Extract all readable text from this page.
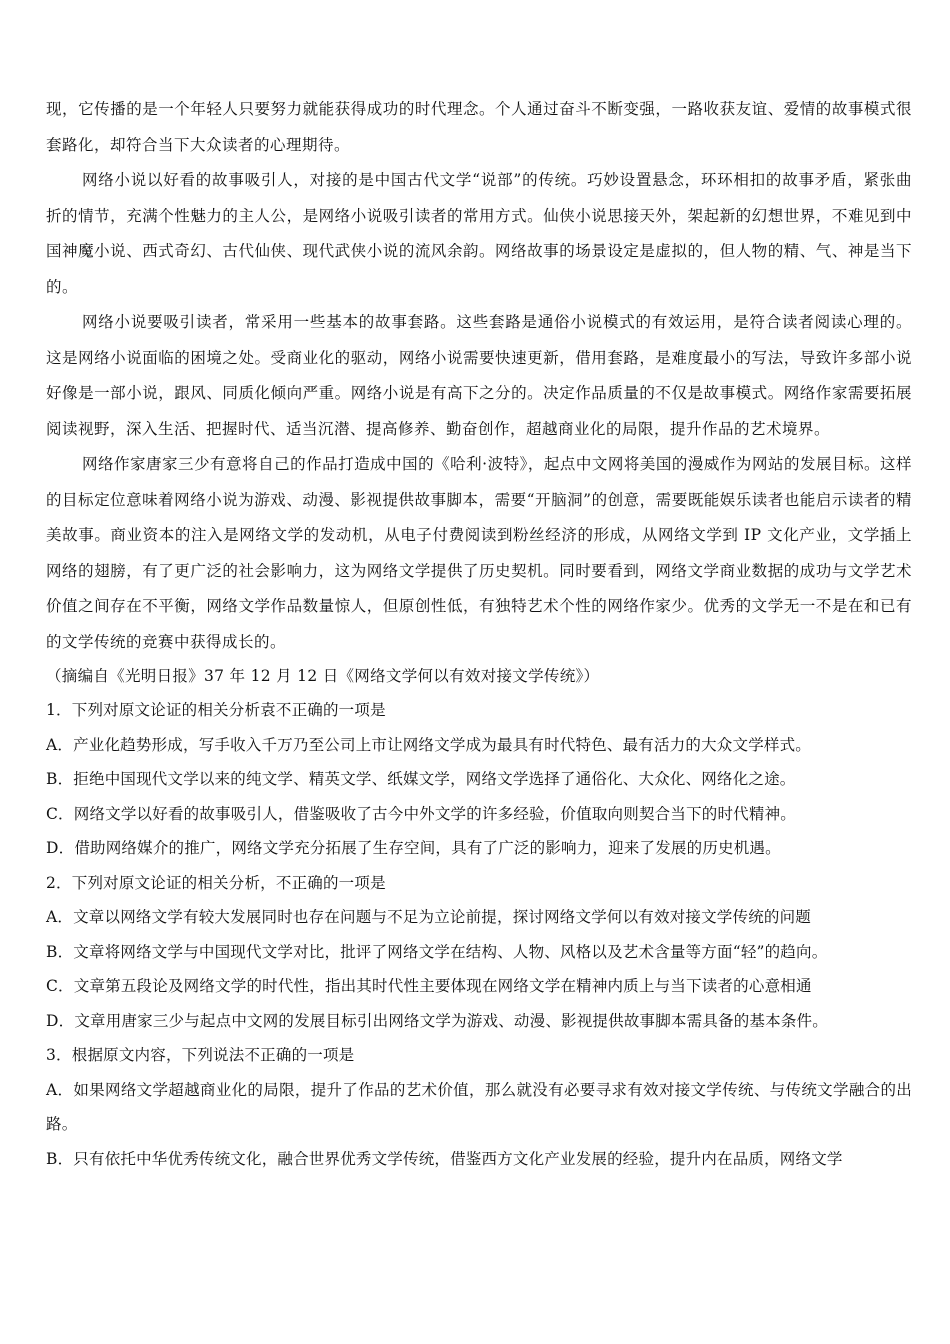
现，它传播的是一个年轻人只要努力就能获得成功的时代理念。个人通过奋斗不断变强，一路收获友谊、爱情的故事模式很套路化，却符合当下大众读者的心理期待。

网络小说以好看的故事吸引人，对接的是中国古代文学“说部”的传统。巧妙设置悬念，环环相扣的故事矛盾，紧张曲折的情节，充满个性魅力的主人公，是网络小说吸引读者的常用方式。仙侠小说思接天外，架起新的幻想世界，不难见到中国神魔小说、西式奇幻、古代仙侠、现代武侠小说的流风余韵。网络故事的场景设定是虚拟的，但人物的精、气、神是当下的。

网络小说要吸引读者，常采用一些基本的故事套路。这些套路是通俗小说模式的有效运用，是符合读者阅读心理的。这是网络小说面临的困境之处。受商业化的驱动，网络小说需要快速更新，借用套路，是难度最小的写法，导致许多部小说好像是一部小说，跟风、同质化倾向严重。网络小说是有高下之分的。决定作品质量的不仅是故事模式。网络作家需要拓展阅读视野，深入生活、把握时代、适当沉潜、提高修养、勤奋创作，超越商业化的局限，提升作品的艺术境界。

网络作家唐家三少有意将自己的作品打造成中国的《哈利·波特》，起点中文网将美国的漫威作为网站的发展目标。这样的目标定位意味着网络小说为游戏、动漫、影视提供故事脚本，需要“开脑洞”的创意，需要既能娱乐读者也能启示读者的精美故事。商业资本的注入是网络文学的发动机，从电子付费阅读到粉丝经济的形成，从网络文学到 IP 文化产业，文学插上网络的翅膀，有了更广泛的社会影响力，这为网络文学提供了历史契机。同时要看到，网络文学商业数据的成功与文学艺术价值之间存在不平衡，网络文学作品数量惊人，但原创性低，有独特艺术个性的网络作家少。优秀的文学无一不是在和已有的文学传统的竞赛中获得成长的。

（摘编自《光明日报》37 年 12 月 12 日《网络文学何以有效对接文学传统》）

1．下列对原文论证的相关分析袁不正确的一项是

A．产业化趋势形成，写手收入千万乃至公司上市让网络文学成为最具有时代特色、最有活力的大众文学样式。

B．拒绝中国现代文学以来的纯文学、精英文学、纸媒文学，网络文学选择了通俗化、大众化、网络化之途。

C．网络文学以好看的故事吸引人，借鉴吸收了古今中外文学的许多经验，价值取向则契合当下的时代精神。

D．借助网络媒介的推广，网络文学充分拓展了生存空间，具有了广泛的影响力，迎来了发展的历史机遇。

2．下列对原文论证的相关分析，不正确的一项是

A．文章以网络文学有较大发展同时也存在问题与不足为立论前提，探讨网络文学何以有效对接文学传统的问题

B．文章将网络文学与中国现代文学对比，批评了网络文学在结构、人物、风格以及艺术含量等方面“轻”的趋向。

C．文章第五段论及网络文学的时代性，指出其时代性主要体现在网络文学在精神内质上与当下读者的心意相通

D．文章用唐家三少与起点中文网的发展目标引出网络文学为游戏、动漫、影视提供故事脚本需具备的基本条件。

3．根据原文内容，下列说法不正确的一项是

A．如果网络文学超越商业化的局限，提升了作品的艺术价值，那么就没有必要寻求有效对接文学传统、与传统文学融合的出路。

B．只有依托中华优秀传统文化，融合世界优秀文学传统，借鉴西方文化产业发展的经验，提升内在品质，网络文学
